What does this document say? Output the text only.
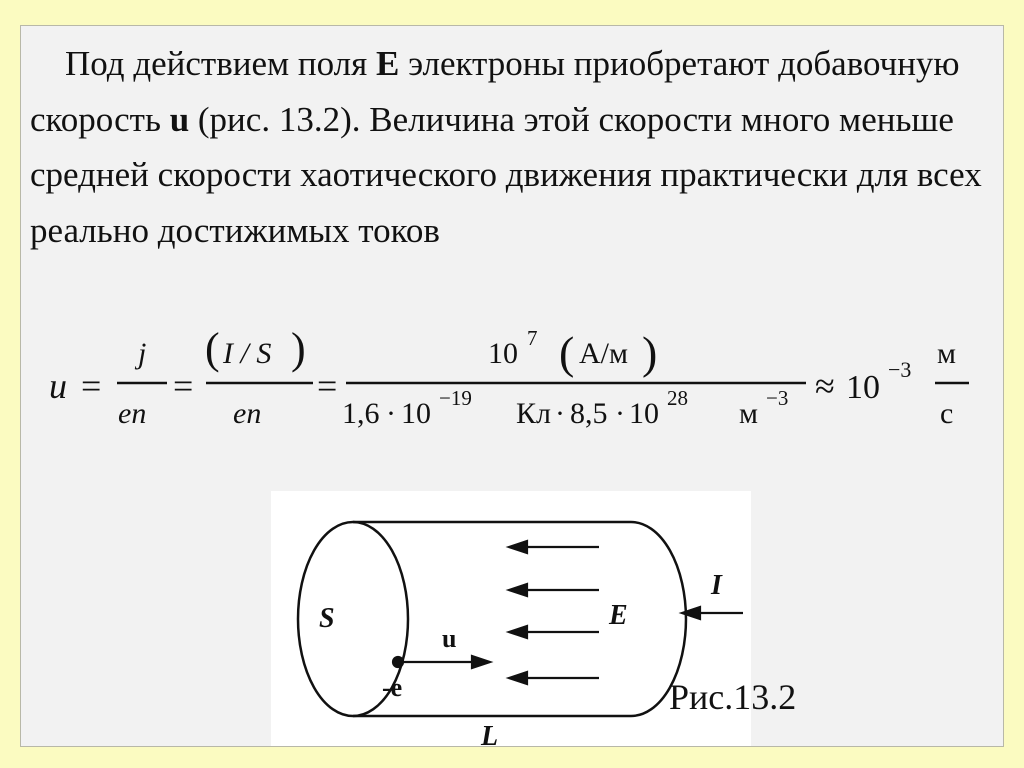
Под действием поля E электроны приобретают добавочную скорость u (рис. 13.2). Величина этой скорости много меньше средней скорости хаотического движения практически для всех реально достижимых токов

u =
j
en
=
( I / S )
en
=
10 7 ( А/м )
1,6 · 10 −19 Кл · 8,5 · 10 28 м −3 ≈ 10 −3 м
с
S
u
-e
E
I
L
Рис.13.2
